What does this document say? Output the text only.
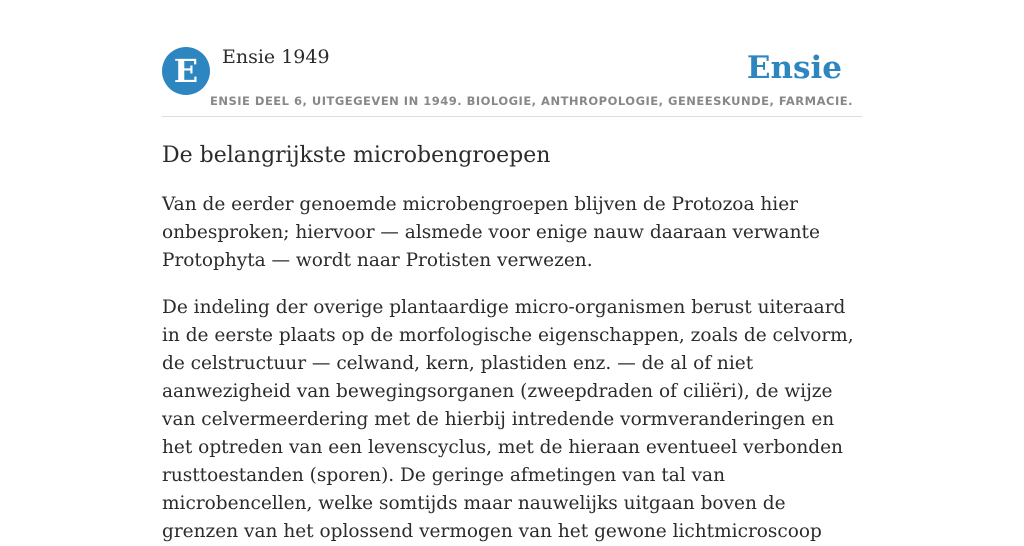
E	Ensie 1949	Ensie
ENSIE DEEL 6, UITGEGEVEN IN 1949. BIOLOGIE, ANTHROPOLOGIE, GENEESKUNDE, FARMACIE.
De belangrijkste microbengroepen

Van de eerder genoemde microbengroepen blijven de Protozoa hier onbesproken; hiervoor — alsmede voor enige nauw daaraan verwante Protophyta — wordt naar Protisten verwezen.

De indeling der overige plantaardige micro-organismen berust uiteraard in de eerste plaats op de morfologische eigenschappen, zoals de celvorm, de celstructuur — celwand, kern, plastiden enz. — de al of niet aanwezigheid van bewegingsorganen (zweepdraden of ciliëri), de wijze van celvermeerdering met de hierbij intredende vormveranderingen en het optreden van een levenscyclus, met de hieraan eventueel verbonden rusttoestanden (sporen). De geringe afmetingen van tal van microbencellen, welke somtijds maar nauwelijks uitgaan boven de grenzen van het oplossend vermogen van het gewone lichtmicroscoop
